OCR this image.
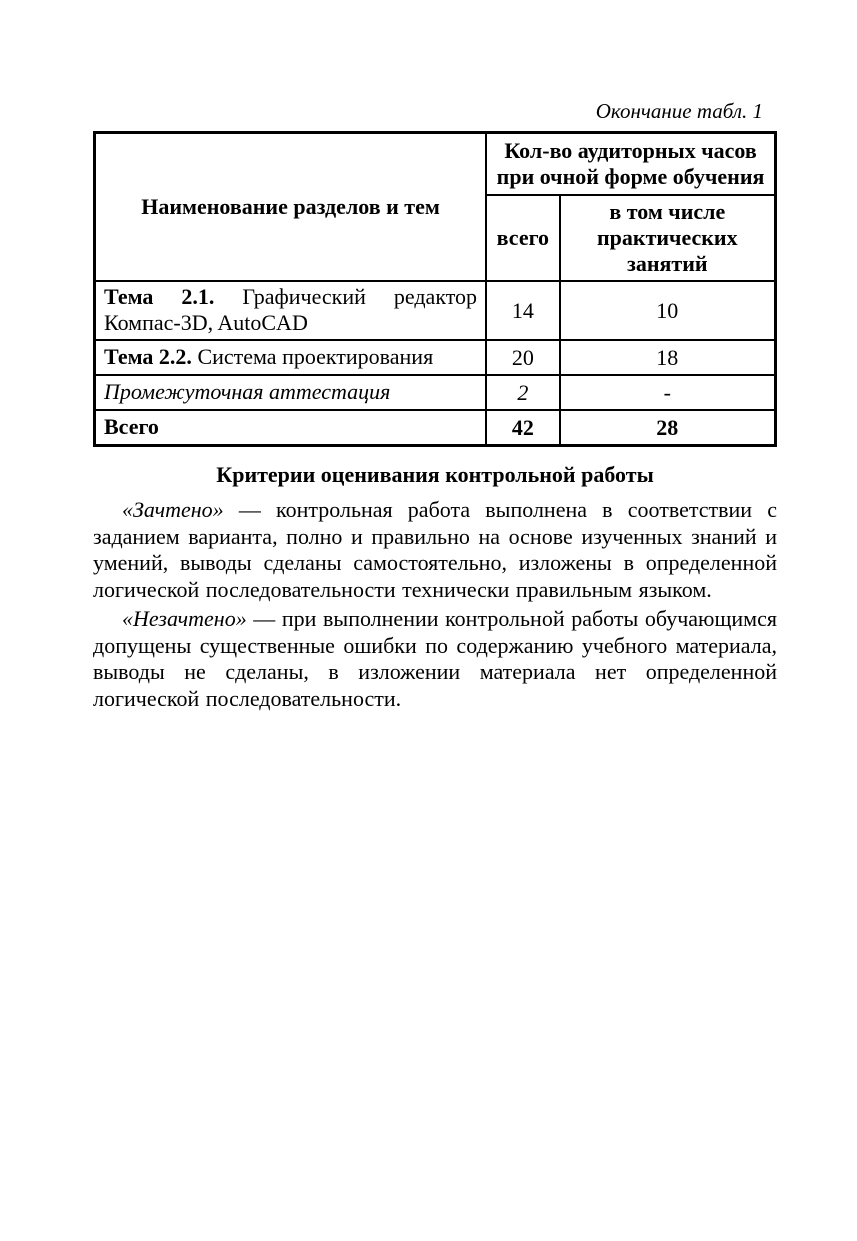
Окончание табл. 1
Наименование разделов и тем	Кол-во аудиторных часов при очной форме обучения	
	всего	в том числе практических занятий
Тема 2.1. Графический редактор Компас-3D, AutoCAD	14	10
Тема 2.2. Система проектирования	20	18
Промежуточная аттестация	2	-
Всего	42	28
Критерии оценивания контрольной работы

«Зачтено» — контрольная работа выполнена в соответствии с заданием варианта, полно и правильно на основе изученных знаний и умений, выводы сделаны самостоятельно, изложены в определенной логической последовательности технически правильным языком.

«Незачтено» — при выполнении контрольной работы обучающимся допущены существенные ошибки по содержанию учебного материала, выводы не сделаны, в изложении материала нет определенной логической последовательности.
